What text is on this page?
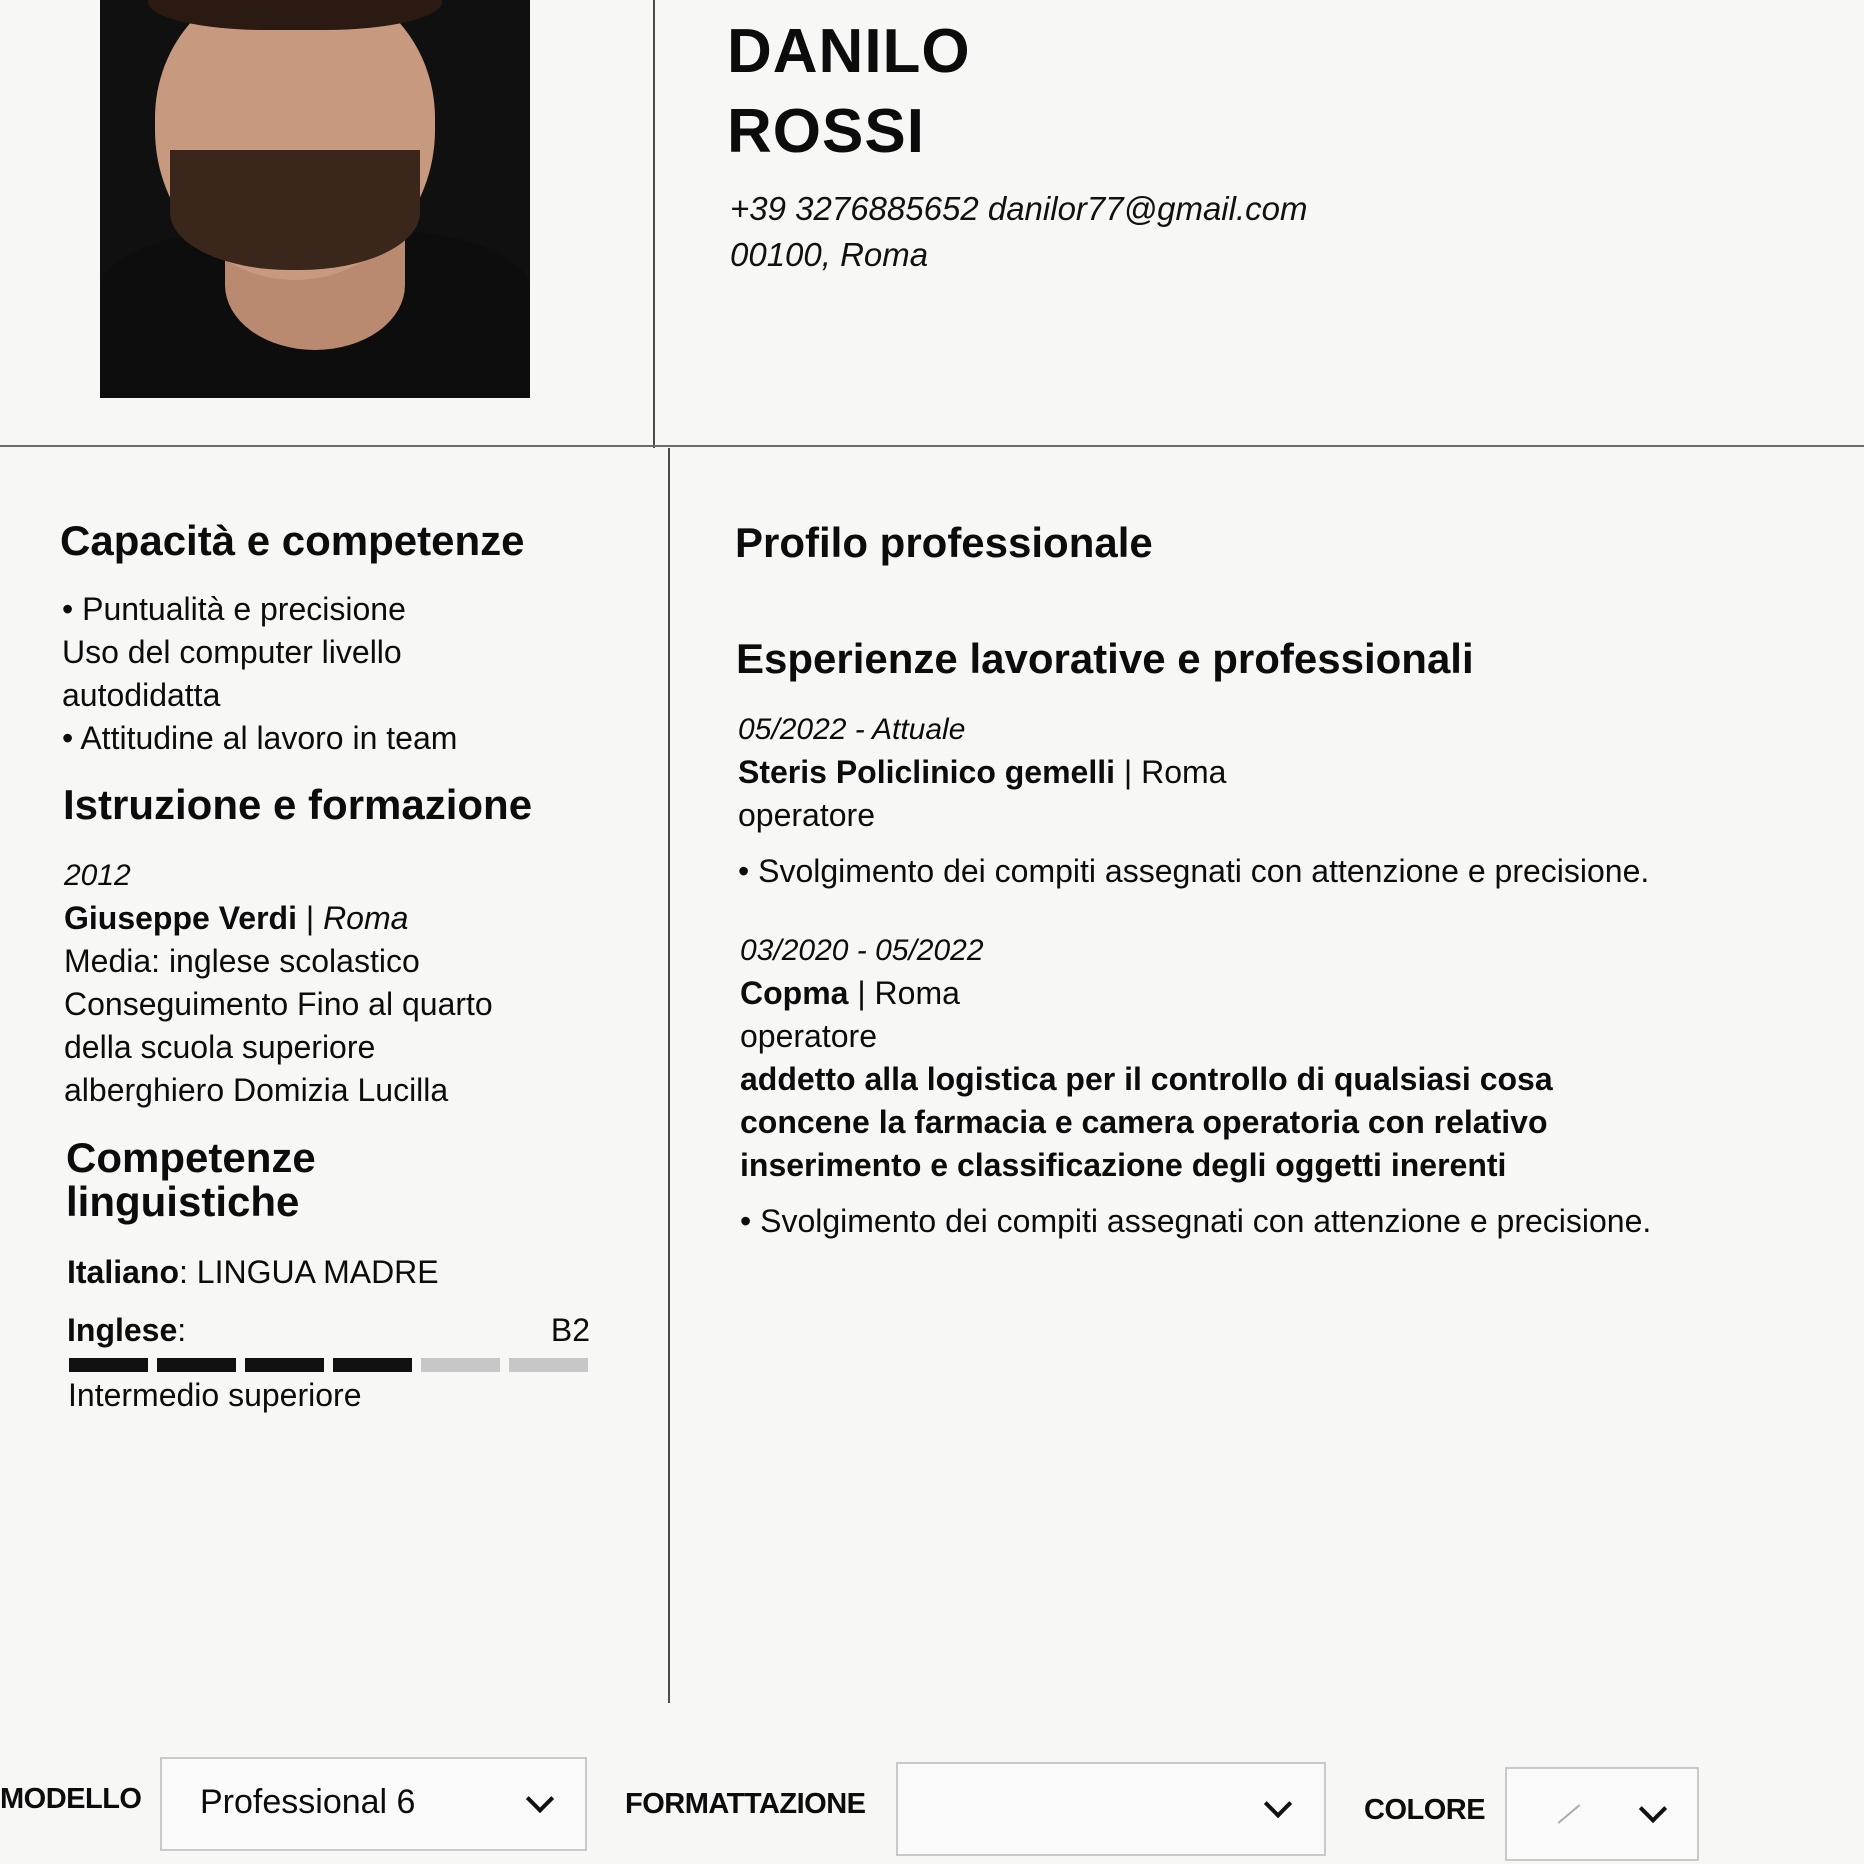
DANILO
ROSSI
+39 3276885652 danilor77@gmail.com
00100, Roma
Capacità e competenze
• Puntualità e precisione
Uso del computer livello
autodidatta
• Attitudine al lavoro in team
Istruzione e formazione
2012
Giuseppe Verdi | Roma
Media: inglese scolastico
Conseguimento Fino al quarto
della scuola superiore
alberghiero Domizia Lucilla
Competenze
linguistiche
Italiano: LINGUA MADRE
Inglese:	B2
Intermedio superiore
Profilo professionale
Esperienze lavorative e professionali
05/2022 - Attuale
Steris Policlinico gemelli | Roma
operatore
• Svolgimento dei compiti assegnati con attenzione e precisione.
03/2020 - 05/2022
Copma | Roma
operatore
addetto alla logistica per il controllo di qualsiasi cosa
concene la farmacia e camera operatoria con relativo
inserimento e classificazione degli oggetti inerenti
• Svolgimento dei compiti assegnati con attenzione e precisione.
MODELLO Professional 6	FORMATTAZIONE	COLORE
